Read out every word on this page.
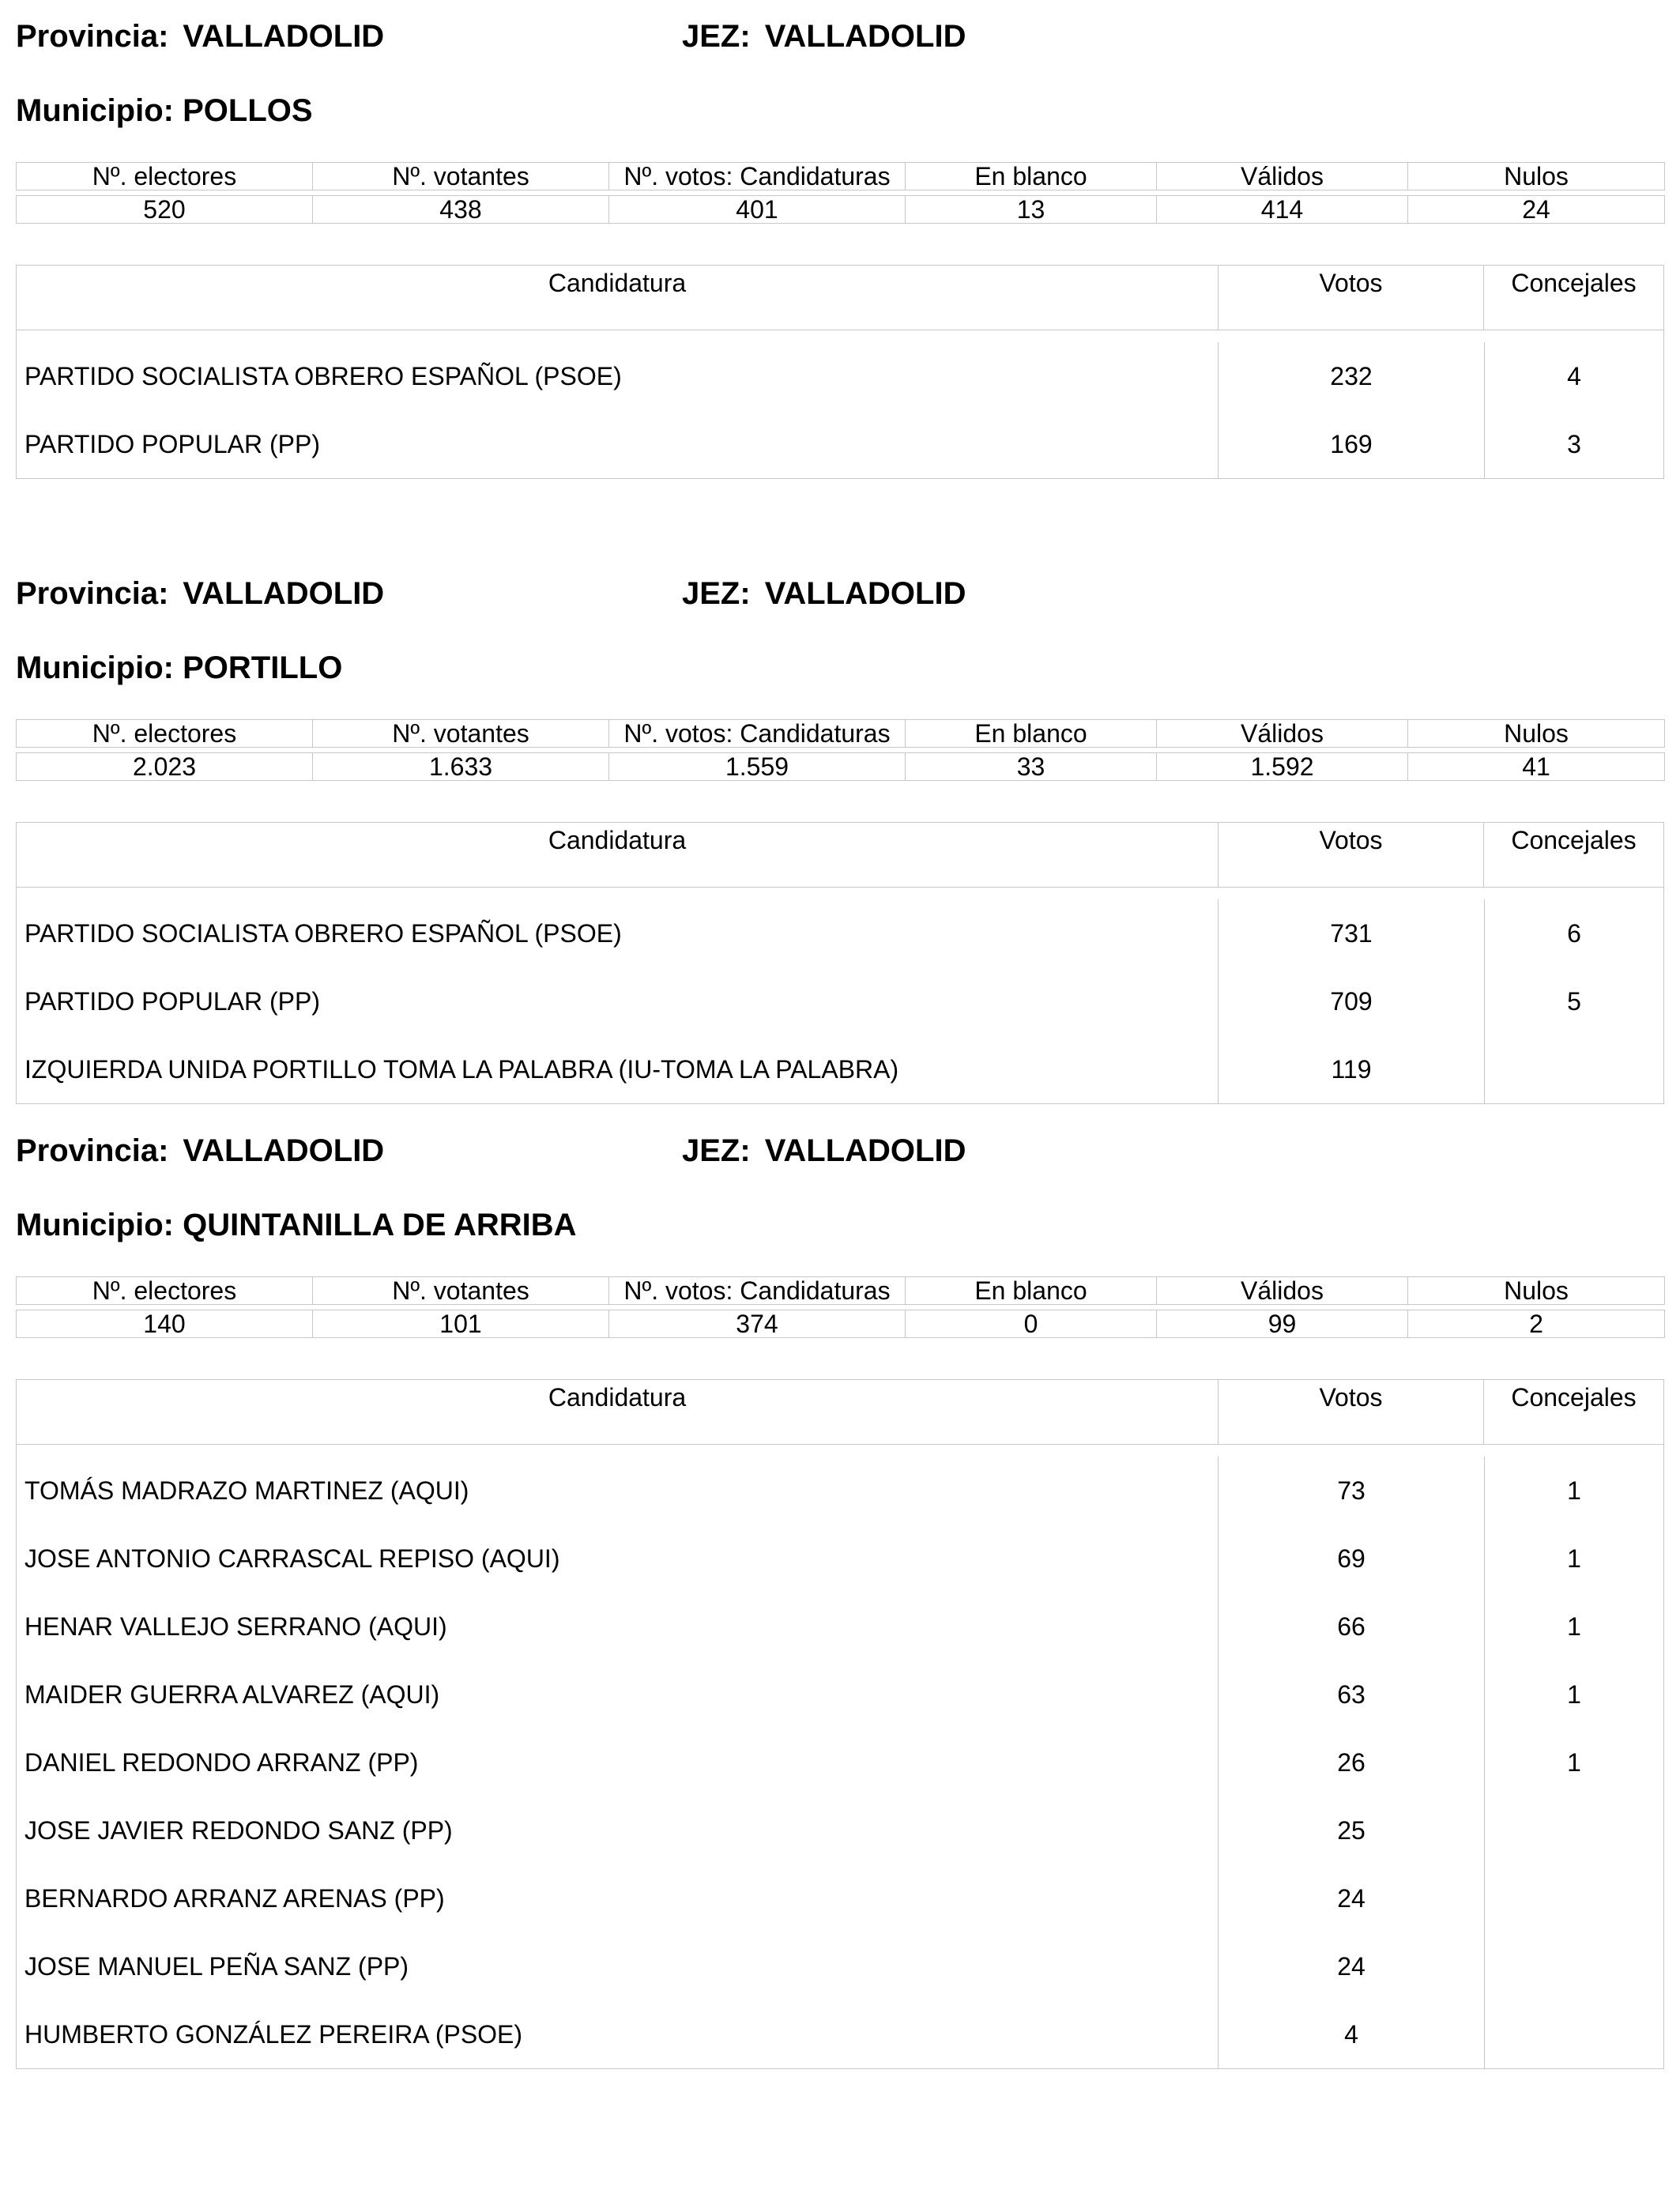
Provincia: VALLADOLID	JEZ: VALLADOLID
Municipio: POLLOS
Nº. electores	Nº. votantes	Nº. votos: Candidaturas	En blanco	Válidos	Nulos

520	438	401	13	414	24
Candidatura	Votos	Concejales
PARTIDO SOCIALISTA OBRERO ESPAÑOL (PSOE)	232	4
PARTIDO POPULAR (PP)	169	3
Provincia: VALLADOLID	JEZ: VALLADOLID
Municipio: PORTILLO
Nº. electores	Nº. votantes	Nº. votos: Candidaturas	En blanco	Válidos	Nulos

2.023	1.633	1.559	33	1.592	41
Candidatura	Votos	Concejales
PARTIDO SOCIALISTA OBRERO ESPAÑOL (PSOE)	731	6
PARTIDO POPULAR (PP)	709	5
IZQUIERDA UNIDA PORTILLO TOMA LA PALABRA (IU-TOMA LA PALABRA)	119
Provincia: VALLADOLID	JEZ: VALLADOLID
Municipio: QUINTANILLA DE ARRIBA
Nº. electores	Nº. votantes	Nº. votos: Candidaturas	En blanco	Válidos	Nulos

140	101	374	0	99	2
Candidatura	Votos	Concejales
TOMÁS MADRAZO MARTINEZ (AQUI)	73	1
JOSE ANTONIO CARRASCAL REPISO (AQUI)	69	1
HENAR VALLEJO SERRANO (AQUI)	66	1
MAIDER GUERRA ALVAREZ (AQUI)	63	1
DANIEL REDONDO ARRANZ (PP)	26	1
JOSE JAVIER REDONDO SANZ (PP)	25
BERNARDO ARRANZ ARENAS (PP)	24
JOSE MANUEL PEÑA SANZ (PP)	24
HUMBERTO GONZÁLEZ PEREIRA (PSOE)	4
